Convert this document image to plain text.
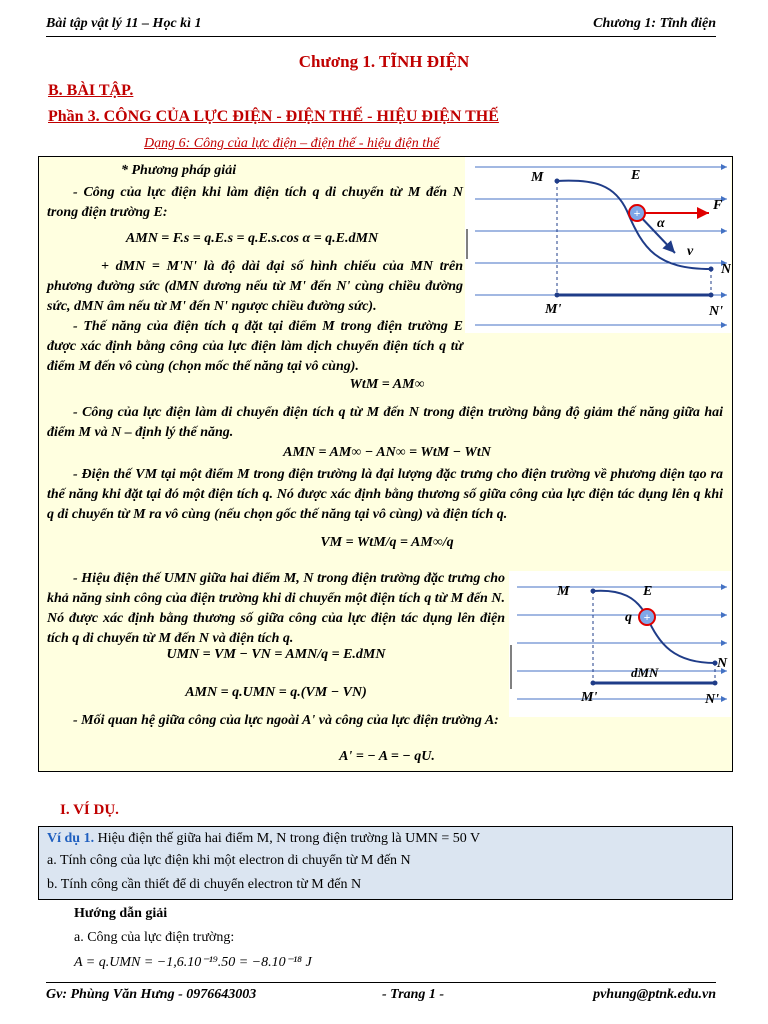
Bài tập vật lý 11 – Học kì 1	Chương 1: Tĩnh điện
Chương 1. TĨNH ĐIỆN
B. BÀI TẬP.
Phần 3. CÔNG CỦA LỰC ĐIỆN - ĐIỆN THẾ - HIỆU ĐIỆN THẾ
Dạng 6: Công của lực điện – điện thế - hiệu điện thế
+
M	E
F
α
v
N
M'	N'
* Phương pháp giải
- Công của lực điện khi làm điện tích q di chuyển từ M đến N trong điện trường E:
AMN = F.s = q.E.s = q.E.s.cos α = q.E.dMN
+ dMN = M'N' là độ dài đại số hình chiếu của MN trên phương đường sức (dMN dương nếu từ M' đến N' cùng chiều đường sức, dMN âm nếu từ M' đến N' ngược chiều đường sức).
- Thế năng của điện tích q đặt tại điểm M trong điện trường E được xác định bằng công của lực điện làm dịch chuyển điện tích q từ điểm M đến vô cùng (chọn mốc thế năng tại vô cùng).
WtM = AM∞
- Công của lực điện làm di chuyển điện tích q từ M đến N trong điện trường bằng độ giảm thế năng giữa hai điểm M và N – định lý thế năng.
AMN = AM∞ − AN∞ = WtM − WtN
- Điện thế VM tại một điểm M trong điện trường là đại lượng đặc trưng cho điện trường về phương diện tạo ra thế năng khi đặt tại đó một điện tích q. Nó được xác định bằng thương số giữa công của lực điện tác dụng lên q khi q di chuyển từ M ra vô cùng (nếu chọn gốc thế năng tại vô cùng) và điện tích q.
VM = WtM/q = AM∞/q
+
M	E
q
dMN
N
M'	N'
- Hiệu điện thế UMN giữa hai điểm M, N trong điện trường đặc trưng cho khả năng sinh công của điện trường khi di chuyển một điện tích q từ M đến N. Nó được xác định bằng thương số giữa công của lực điện tác dụng lên điện tích q di chuyển từ M đến N và điện tích q.
UMN = VM − VN = AMN/q = E.dMN
AMN = q.UMN = q.(VM − VN)
- Mối quan hệ giữa công của lực ngoài A' và công của lực điện trường A:
A' = − A = − qU.
I. VÍ DỤ.
Ví dụ 1. Hiệu điện thế giữa hai điểm M, N trong điện trường là UMN = 50 V
a. Tính công của lực điện khi một electron di chuyển từ M đến N
b. Tính công cần thiết để di chuyển electron từ M đến N
Hướng dẫn giải
a. Công của lực điện trường:
A = q.UMN = −1,6.10⁻¹⁹.50 = −8.10⁻¹⁸ J
Gv: Phùng Văn Hưng - 0976643003	- Trang 1 -	pvhung@ptnk.edu.vn
